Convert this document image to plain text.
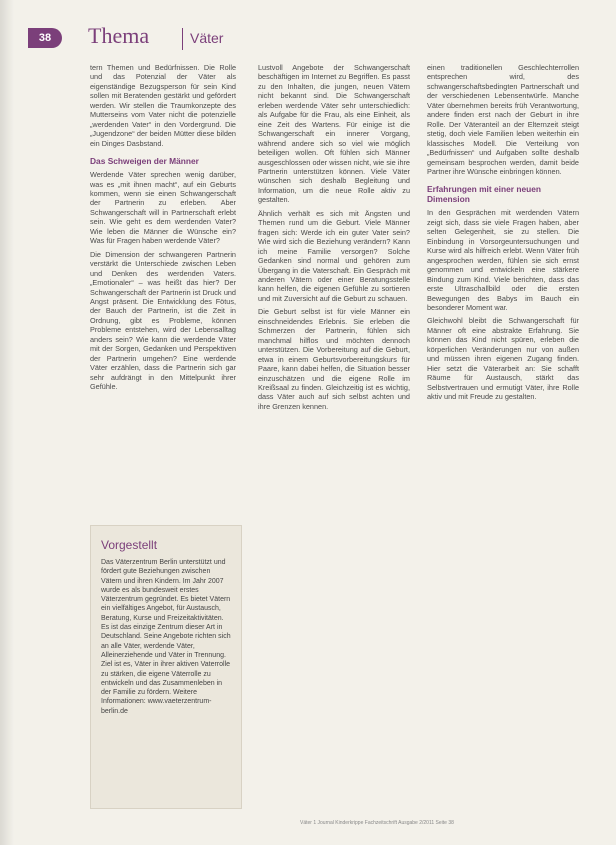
38	Thema	Väter

tern Themen und Bedürfnissen. Die Rolle und das Potenzial der Väter als eigenständige Bezugsperson für sein Kind sollen mit Beratenden gestärkt und gefördert werden. Wir stellen die Traumkonzepte des Mutterseins vom Vater nicht die potenzielle „werdenden Vater“ in den Vordergrund. Die „Jugendzone“ der beiden Mütter diese bilden ein Dinges Dasbstand.

Das Schweigen der Männer

Werdende Väter sprechen wenig darüber, was es „mit ihnen macht“, auf ein Geburts kommen, wenn sie einen Schwangerschaft der Partnerin zu erleben. Aber Schwangerschaft will in Partnerschaft erlebt sein. Wie geht es dem werdenden Vater? Wie leben die Männer die Wünsche ein? Was für Fragen haben werdende Väter?

Die Dimension der schwangeren Partnerin verstärkt die Unterschiede zwischen Leben und Denken des werdenden Vaters. „Emotionaler“ – was heißt das hier? Der Schwangerschaft der Partnerin ist Druck und Angst präsent. Die Entwicklung des Fötus, der Bauch der Partnerin, ist die Zeit in Ordnung, gibt es Probleme, können Probleme entstehen, wird der Lebensalltag anders sein? Wie kann die werdende Väter mit der Sorgen, Gedanken und Perspektiven der Partnerin umgehen? Eine werdende Väter erzählen, dass die Partnerin sich gar sehr aufdrängt in den Mittelpunkt ihrer Gefühle.

Vorgestellt

Das Väterzentrum Berlin unterstützt und fördert gute Beziehungen zwischen Vätern und ihren Kindern. Im Jahr 2007 wurde es als bundesweit erstes Väterzentrum gegründet. Es bietet Vätern ein vielfältiges Angebot, für Austausch, Beratung, Kurse und Freizeitaktivitäten. Es ist das einzige Zentrum dieser Art in Deutschland. Seine Angebote richten sich an alle Väter, werdende Väter, Alleinerziehende und Väter in Trennung. Ziel ist es, Väter in ihrer aktiven Vaterrolle zu stärken, die eigene Väterrolle zu entwickeln und das Zusammenleben in der Familie zu fördern. Weitere Informationen: www.vaeterzentrum-berlin.de

Lustvoll Angebote der Schwangerschaft beschäftigen im Internet zu Begriffen. Es passt zu den Inhalten, die jungen, neuen Vätern nicht bekannt sind. Die Schwangerschaft erleben werdende Väter sehr unterschiedlich: als Aufgabe für die Frau, als eine Einheit, als eine Zeit des Wartens. Für einige ist die Schwangerschaft ein innerer Vorgang, während andere sich so viel wie möglich beteiligen wollen. Oft fühlen sich Männer ausgeschlossen oder wissen nicht, wie sie ihre Partnerin unterstützen können. Viele Väter wünschen sich deshalb Begleitung und Information, um die neue Rolle aktiv zu gestalten.

Ähnlich verhält es sich mit Ängsten und Themen rund um die Geburt. Viele Männer fragen sich: Werde ich ein guter Vater sein? Wie wird sich die Beziehung verändern? Kann ich meine Familie versorgen? Solche Gedanken sind normal und gehören zum Übergang in die Vaterschaft. Ein Gespräch mit anderen Vätern oder einer Beratungsstelle kann helfen, die eigenen Gefühle zu sortieren und mit Zuversicht auf die Geburt zu schauen.

Die Geburt selbst ist für viele Männer ein einschneidendes Erlebnis. Sie erleben die Schmerzen der Partnerin, fühlen sich manchmal hilflos und möchten dennoch unterstützen. Die Vorbereitung auf die Geburt, etwa in einem Geburtsvorbereitungskurs für Paare, kann dabei helfen, die Situation besser einzuschätzen und die eigene Rolle im Kreißsaal zu finden. Gleichzeitig ist es wichtig, dass Väter auch auf sich selbst achten und ihre Grenzen kennen.

einen traditionellen Geschlechterrollen entsprechen wird, des schwangerschaftsbedingten Partnerschaft und der verschiedenen Lebensentwürfe. Manche Väter übernehmen bereits früh Verantwortung, andere finden erst nach der Geburt in ihre Rolle. Der Väteranteil an der Elternzeit steigt stetig, doch viele Familien leben weiterhin ein klassisches Modell. Die Verteilung von „Bedürfnissen“ und Aufgaben sollte deshalb gemeinsam besprochen werden, damit beide Partner ihre Wünsche einbringen können.

Erfahrungen mit einer neuen Dimension

In den Gesprächen mit werdenden Vätern zeigt sich, dass sie viele Fragen haben, aber selten Gelegenheit, sie zu stellen. Die Einbindung in Vorsorgeuntersuchungen und Kurse wird als hilfreich erlebt. Wenn Väter früh angesprochen werden, fühlen sie sich ernst genommen und entwickeln eine stärkere Bindung zum Kind. Viele berichten, dass das erste Ultraschallbild oder die ersten Bewegungen des Babys im Bauch ein besonderer Moment war.

Gleichwohl bleibt die Schwangerschaft für Männer oft eine abstrakte Erfahrung. Sie können das Kind nicht spüren, erleben die körperlichen Veränderungen nur von außen und müssen ihren eigenen Zugang finden. Hier setzt die Väterarbeit an: Sie schafft Räume für Austausch, stärkt das Selbstvertrauen und ermutigt Väter, ihre Rolle aktiv und mit Freude zu gestalten.

Väter 1 Journal Kinderkrippe Fachzeitschrift Ausgabe 2/2011 Seite 38
